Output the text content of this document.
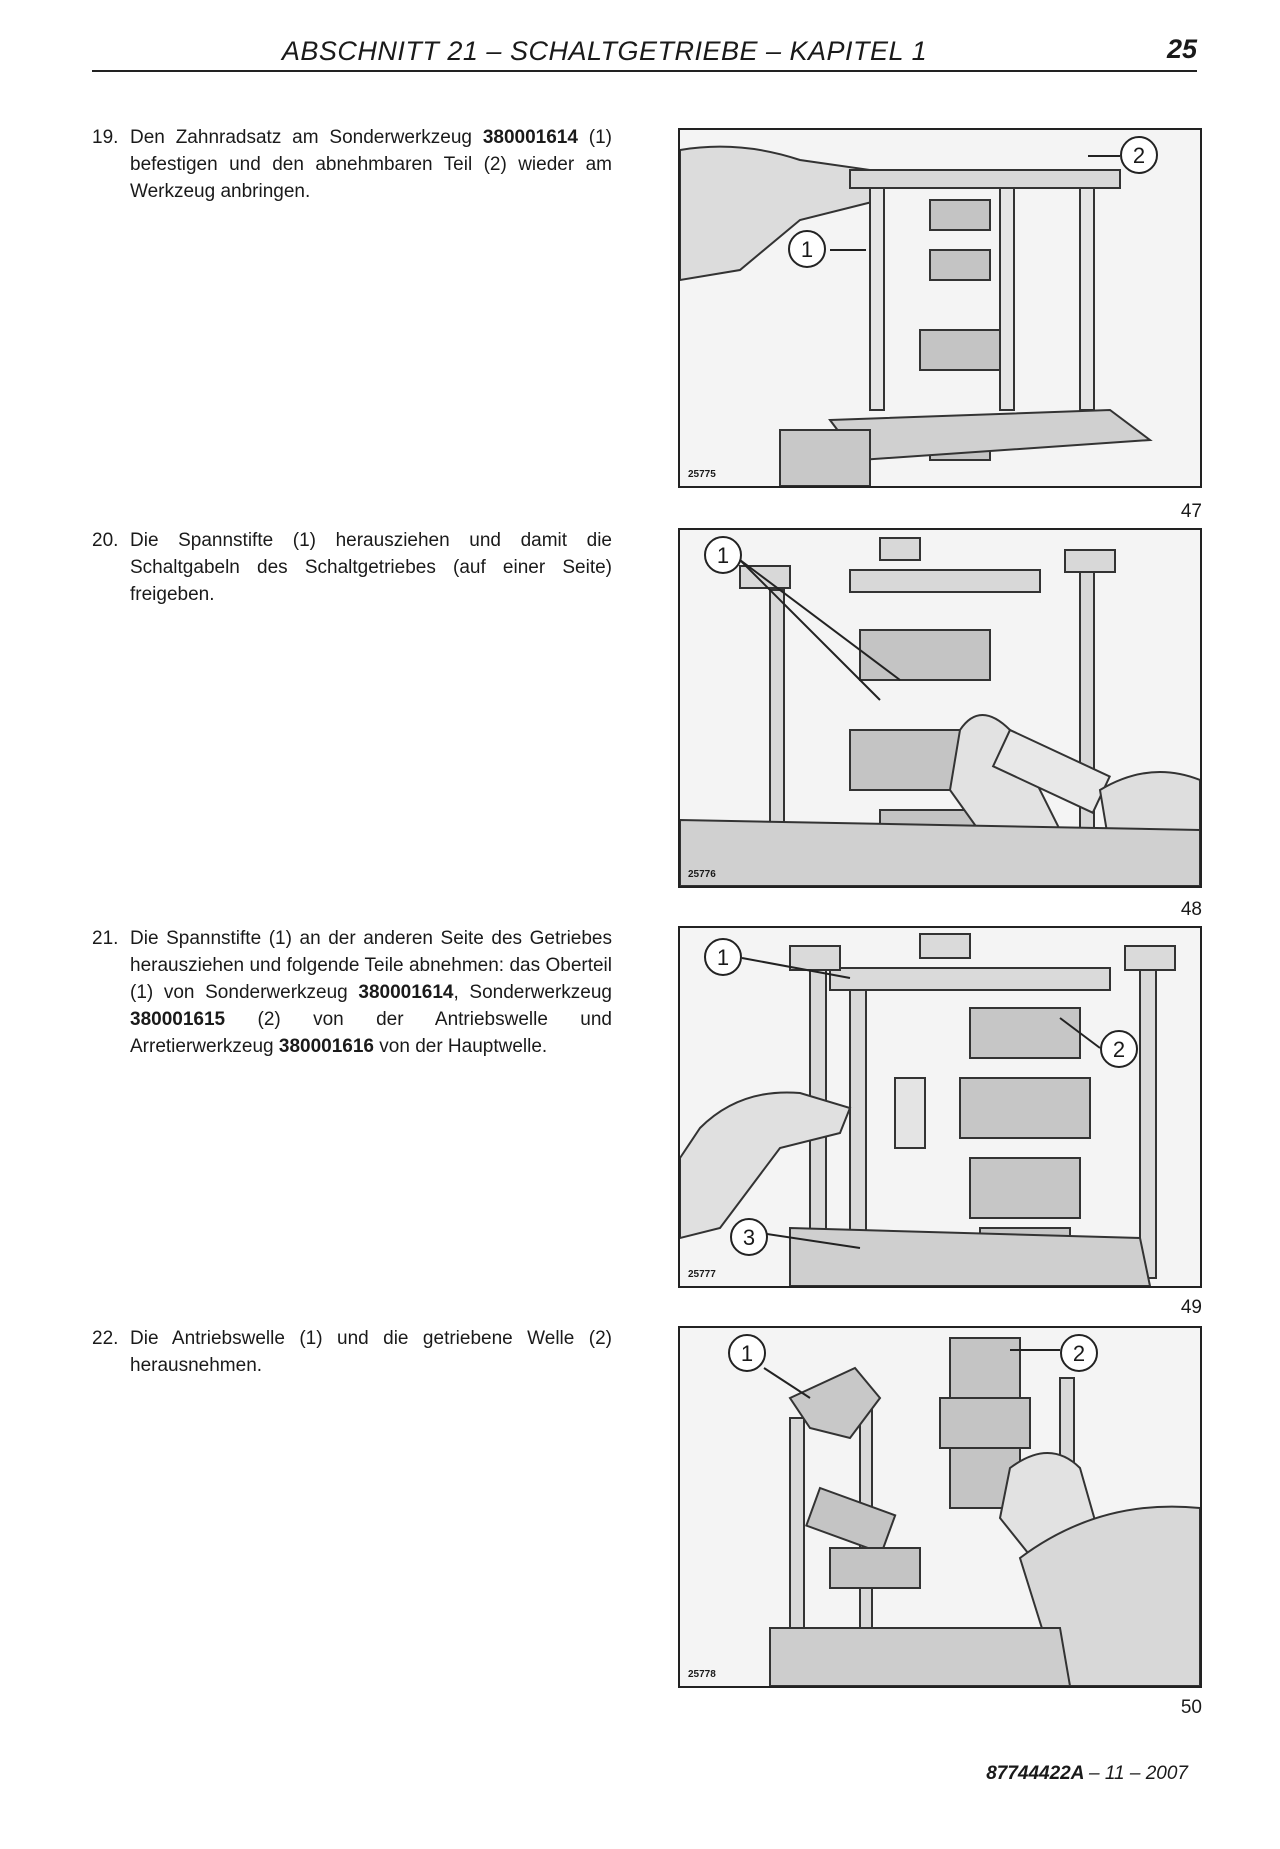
ABSCHNITT 21 – SCHALTGETRIEBE – KAPITEL 1	25
19. Den Zahnradsatz am Sonderwerkzeug 380001614 (1) befestigen und den abnehmbaren Teil (2) wieder am Werkzeug anbringen.
1
2
25775
47
20. Die Spannstifte (1) herausziehen und damit die Schaltgabeln des Schaltgetriebes (auf einer Seite) freigeben.
1
25776
48
21. Die Spannstifte (1) an der anderen Seite des Getriebes herausziehen und folgende Teile abnehmen: das Oberteil (1) von Sonderwerkzeug 380001614, Sonderwerkzeug 380001615 (2) von der Antriebswelle und Arretierwerkzeug 380001616 von der Hauptwelle.
1
2
3
25777
49
22. Die Antriebswelle (1) und die getriebene Welle (2) herausnehmen.	1	2
25778
50
87744422A – 11 – 2007
